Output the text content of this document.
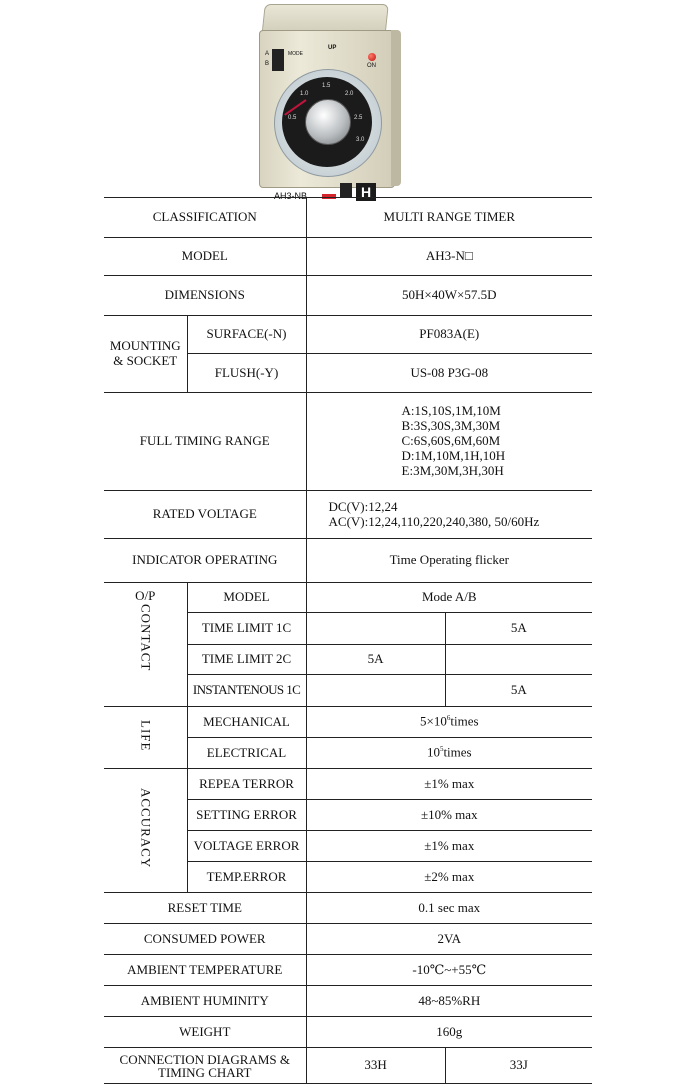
A
B
MODE
UP
ON
1.0
1.5
2.0
0.5	2.5
3.0
AH3-NB	H
CLASSIFICATION		MULTI RANGE TIMER	
MODEL		AH3-N□	
DIMENSIONS		50H×40W×57.5D	
MOUNTING
& SOCKET	SURFACE(-N)	PF083A(E)	
	FLUSH(-Y)	US-08 P3G-08	
FULL TIMING RANGE		A:1S,10S,1M,10M
B:3S,30S,3M,30M
C:6S,60S,6M,60M
D:1M,10M,1H,10H
E:3M,30M,3H,30H	
RATED VOLTAGE		DC(V):12,24
AC(V):12,24,110,220,240,380, 50/60Hz	
INDICATOR OPERATING		Time Operating flicker	
O/P
CONTACT	MODEL	Mode A/B	
	TIME LIMIT 1C		5A
	TIME LIMIT 2C	5A	
	INSTANTENOUS 1C		5A
LIFE	MECHANICAL	$5\times 10^6times$	
	ELECTRICAL	$10^5times$	
ACCURACY	REPEA TERROR	±1% max	
	SETTING ERROR	±10% max	
	VOLTAGE ERROR	±1% max	
	TEMP.ERROR	±2% max	
RESET TIME		0.1 sec max	
CONSUMED POWER		2VA	
AMBIENT TEMPERATURE		-10℃~+55℃	
AMBIENT HUMINITY		48~85%RH	
WEIGHT		160g	
CONNECTION DIAGRAMS &
TIMING CHART		33H	33J
